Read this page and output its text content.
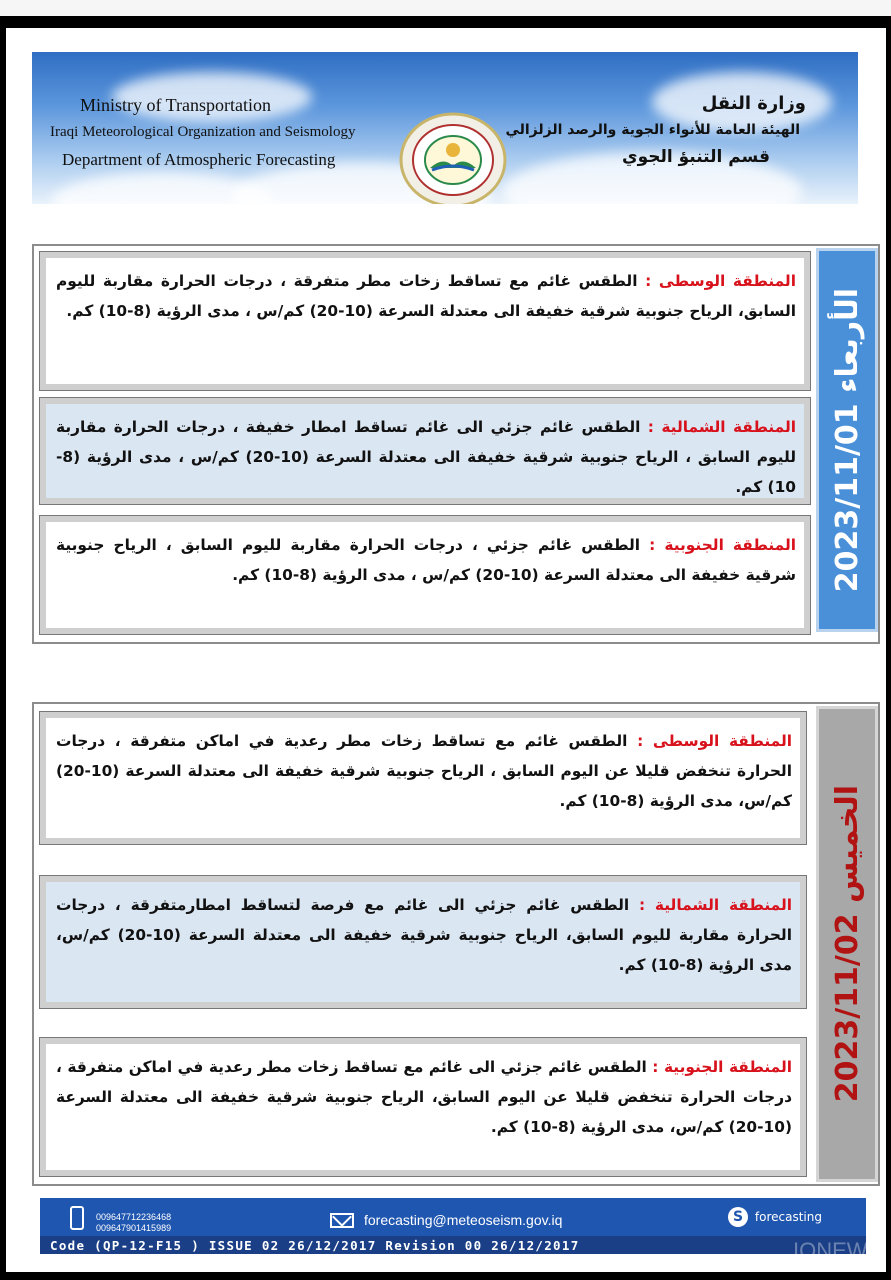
Ministry of Transportation
Iraqi Meteorological Organization and Seismology
Department of Atmospheric Forecasting
وزارة النقل
الهيئة العامة للأنواء الجوية والرصد الزلزالي
قسم التنبؤ الجوي
المنطقة الوسطى : الطقس غائم مع تساقط زخات مطر متفرقة ، درجات الحرارة مقاربة لليوم السابق، الرياح جنوبية شرقية خفيفة الى معتدلة السرعة (10-20) كم/س ، مدى الرؤية (8-10) كم.
المنطقة الشمالية : الطقس غائم جزئي الى غائم تساقط امطار خفيفة ، درجات الحرارة مقاربة لليوم السابق ، الرياح جنوبية شرقية خفيفة الى معتدلة السرعة (10-20) كم/س ، مدى الرؤية (8-10) كم.
المنطقة الجنوبية : الطقس غائم جزئي ، درجات الحرارة مقاربة لليوم السابق ، الرياح جنوبية شرقية خفيفة الى معتدلة السرعة (10-20) كم/س ، مدى الرؤية (8-10) كم.	الأربعاء 2023/11/01
المنطقة الوسطى : الطقس غائم مع تساقط زخات مطر رعدية في اماكن متفرقة ، درجات الحرارة تنخفض قليلا عن اليوم السابق ، الرياح جنوبية شرقية خفيفة الى معتدلة السرعة (10-20) كم/س، مدى الرؤية (8-10) كم.
المنطقة الشمالية : الطقس غائم جزئي الى غائم مع فرصة لتساقط امطارمتفرقة ، درجات الحرارة مقاربة لليوم السابق، الرياح جنوبية شرقية خفيفة الى معتدلة السرعة (10-20) كم/س، مدى الرؤية (8-10) كم.
المنطقة الجنوبية : الطقس غائم جزئي الى غائم مع تساقط زخات مطر رعدية في اماكن متفرقة ، درجات الحرارة تنخفض قليلا عن اليوم السابق، الرياح جنوبية شرقية خفيفة الى معتدلة السرعة (10-20) كم/س، مدى الرؤية (8-10) كم.
الخميس 2023/11/02
009647712236468
009647901415989	forecasting@meteoseism.gov.iq	S forecasting
Code (QP-12-F15 ) ISSUE 02 26/12/2017 Revision 00 26/12/2017	IQNEW
